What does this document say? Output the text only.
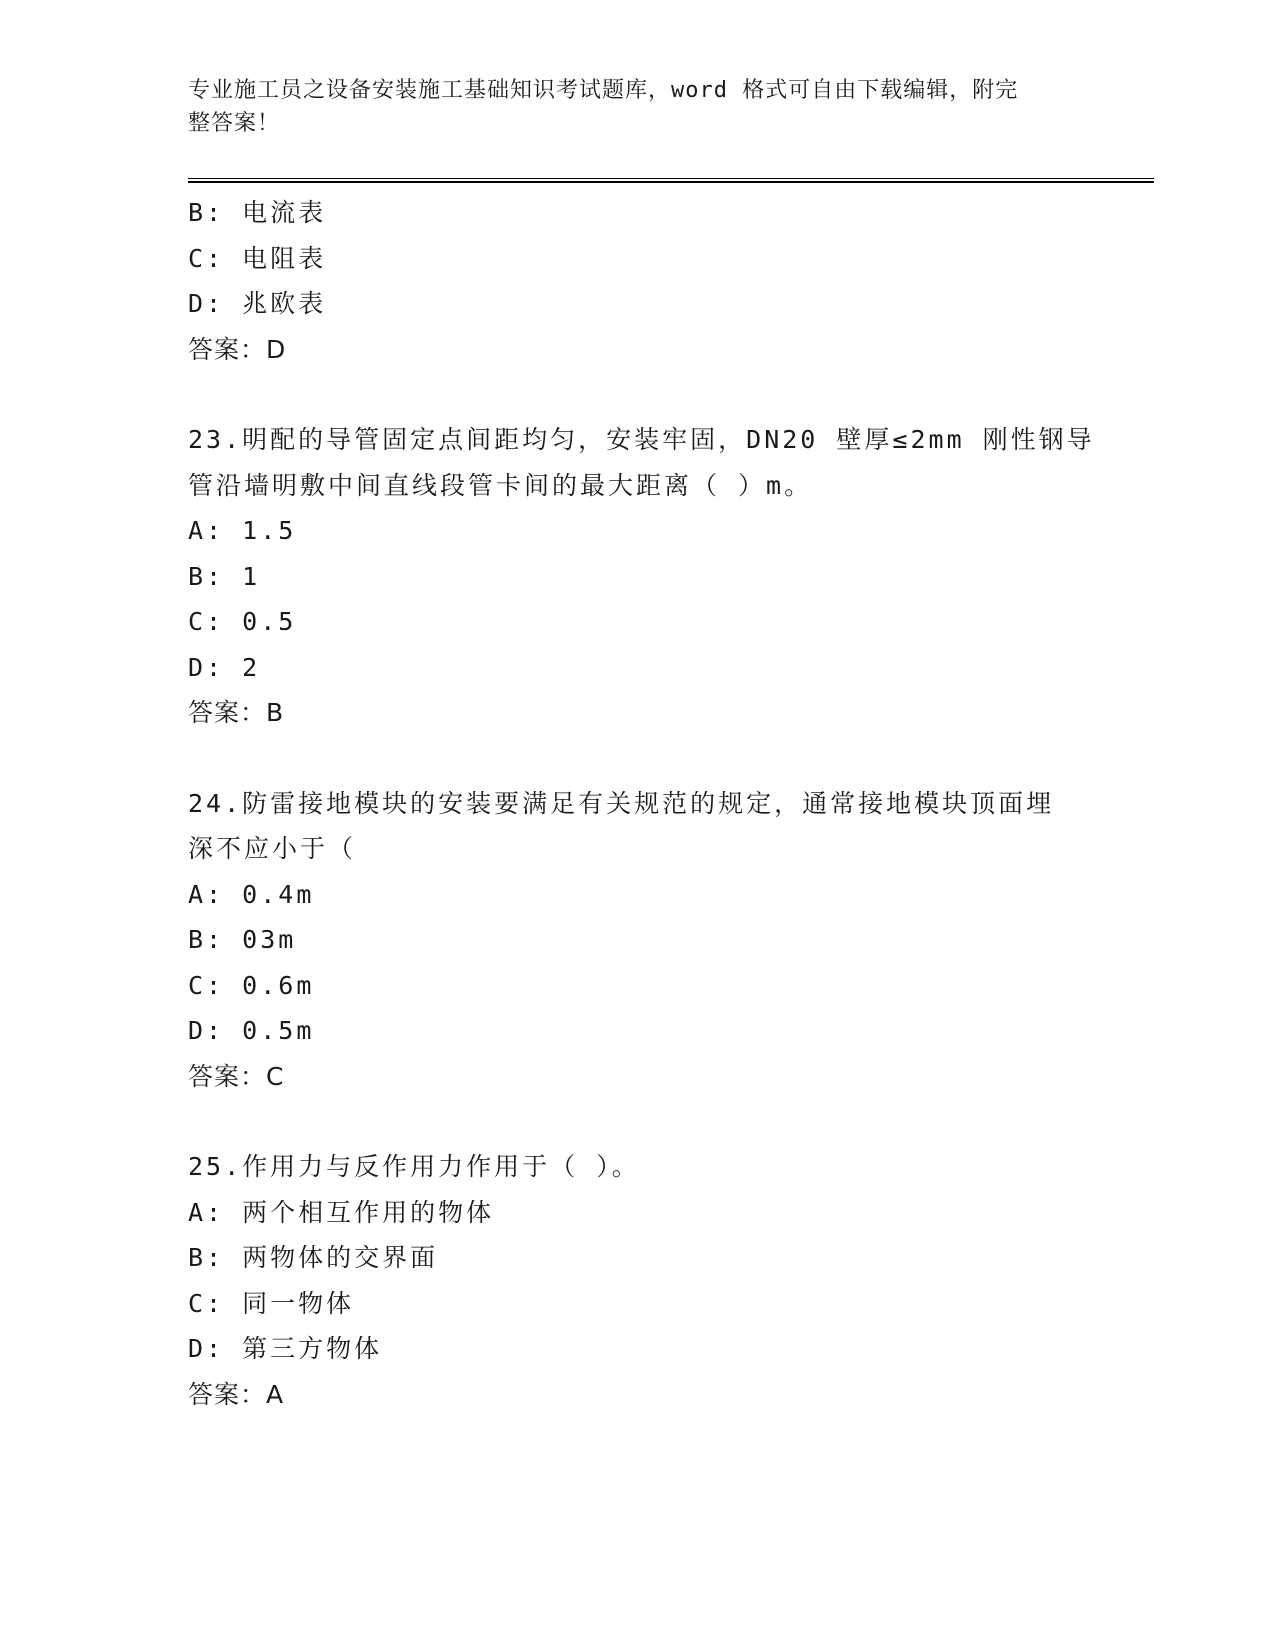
专业施工员之设备安装施工基础知识考试题库，word 格式可自由下载编辑，附完
整答案！
B: 电流表
C: 电阻表
D: 兆欧表
答案：D
23.明配的导管固定点间距均匀，安装牢固，DN20 壁厚≤2mm 刚性钢导
管沿墙明敷中间直线段管卡间的最大距离（ ）m。
A: 1.5
B: 1
C: 0.5
D: 2
答案：B
24.防雷接地模块的安装要满足有关规范的规定，通常接地模块顶面埋
深不应小于（
A: 0.4m
B: 03m
C: 0.6m
D: 0.5m
答案：C
25.作用力与反作用力作用于（ ）。
A: 两个相互作用的物体
B: 两物体的交界面
C: 同一物体
D: 第三方物体
答案：A
